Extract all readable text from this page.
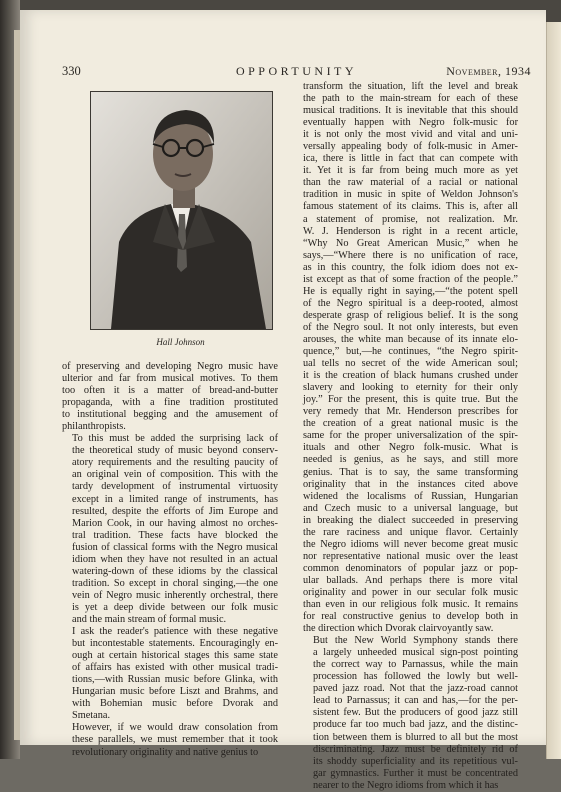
330	OPPORTUNITY	November, 1934
Hall Johnson

of preserving and developing Negro music have
ulterior and far from musical motives. To them
too often it is a matter of bread-and-butter
propaganda, with a fine tradition prostituted
to institutional begging and the amusement of
philanthropists.

To this must be added the surprising lack of
the theoretical study of music beyond conserv-
atory requirements and the resulting paucity of
an original vein of composition. This with the
tardy development of instrumental virtuosity
except in a limited range of instruments, has
resulted, despite the efforts of Jim Europe and
Marion Cook, in our having almost no orches-
tral tradition. These facts have blocked the
fusion of classical forms with the Negro musical
idiom when they have not resulted in an actual
watering-down of these idioms by the classical
tradition. So except in choral singing,—the one
vein of Negro music inherently orchestral, there
is yet a deep divide between our folk music
and the main stream of formal music.

I ask the reader's patience with these negative
but incontestable statements. Encouragingly en-
ough at certain historical stages this same state
of affairs has existed with other musical tradi-
tions,—with Russian music before Glinka, with
Hungarian music before Liszt and Brahms, and
with Bohemian music before Dvorak and
Smetana.

However, if we would draw consolation from
these parallels, we must remember that it took
revolutionary originality and native genius to

transform the situation, lift the level and break
the path to the main-stream for each of these
musical traditions. It is inevitable that this should
eventually happen with Negro folk-music for
it is not only the most vivid and vital and uni-
versally appealing body of folk-music in Amer-
ica, there is little in fact that can compete with
it. Yet it is far from being much more as yet
than the raw material of a racial or national
tradition in music in spite of Weldon Johnson's
famous statement of its claims. This is, after all
a statement of promise, not realization. Mr.
W. J. Henderson is right in a recent article,
“Why No Great American Music,” when he
says,—“Where there is no unification of race,
as in this country, the folk idiom does not ex-
ist except as that of some fraction of the people.”
He is equally right in saying,—“the potent spell
of the Negro spiritual is a deep-rooted, almost
desperate grasp of religious belief. It is the song
of the Negro soul. It not only interests, but even
arouses, the white man because of its innate elo-
quence,” but,—he continues, “the Negro spirit-
ual tells no secret of the wide American soul;
it is the creation of black humans crushed under
slavery and looking to eternity for their only
joy.” For the present, this is quite true. But the
very remedy that Mr. Henderson prescribes for
the creation of a great national music is the
same for the proper universalization of the spir-
ituals and other Negro folk-music. What is
needed is genius, as he says, and still more
genius. That is to say, the same transforming
originality that in the instances cited above
widened the localisms of Russian, Hungarian
and Czech music to a universal language, but
in breaking the dialect succeeded in preserving
the rare raciness and unique flavor. Certainly
the Negro idioms will never become great music
nor representative national music over the least
common denominators of popular jazz or pop-
ular ballads. And perhaps there is more vital
originality and power in our secular folk music
than even in our religious folk music. It remains
for real constructive genius to develop both in
the direction which Dvorak clairvoyantly saw.

But the New World Symphony stands there
a largely unheeded musical sign-post pointing
the correct way to Parnassus, while the main
procession has followed the lowly but well-
paved jazz road. Not that the jazz-road cannot
lead to Parnassus; it can and has,—for the per-
sistent few. But the producers of good jazz still
produce far too much bad jazz, and the distinc-
tion between them is blurred to all but the most
discriminating. Jazz must be definitely rid of
its shoddy superficiality and its repetitious vul-
gar gymnastics. Further it must be concentrated
nearer to the Negro idioms from which it has
